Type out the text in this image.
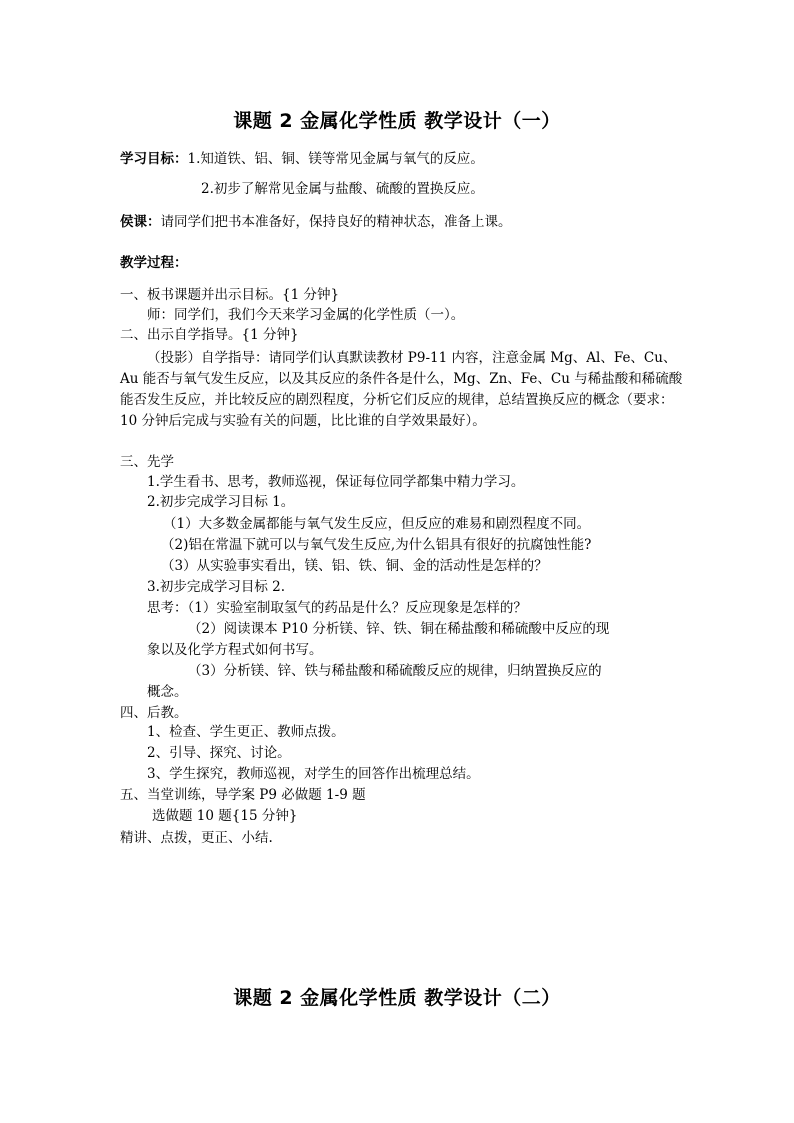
课题 2 金属化学性质 教学设计（一）
学习目标：1.知道铁、铝、铜、镁等常见金属与氧气的反应。
2.初步了解常见金属与盐酸、硫酸的置换反应。
侯课：请同学们把书本准备好，保持良好的精神状态，准备上课。
教学过程：
一、板书课题并出示目标。{1 分钟}
师：同学们，我们今天来学习金属的化学性质（一）。
二、出示自学指导。{1 分钟}
（投影）自学指导：请同学们认真默读教材 P9-11 内容，注意金属 Mg、Al、Fe、Cu、Au 能否与氧气发生反应，以及其反应的条件各是什么，Mg、Zn、Fe、Cu 与稀盐酸和稀硫酸能否发生反应，并比较反应的剧烈程度，分析它们反应的规律，总结置换反应的概念（要求：10 分钟后完成与实验有关的问题，比比谁的自学效果最好）。
三、先学
1.学生看书、思考，教师巡视，保证每位同学都集中精力学习。
2.初步完成学习目标 1。
（1）大多数金属都能与氧气发生反应，但反应的难易和剧烈程度不同。
（2)铝在常温下就可以与氧气发生反应,为什么铝具有很好的抗腐蚀性能?
（3）从实验事实看出，镁、铝、铁、铜、金的活动性是怎样的？
3.初步完成学习目标 2.
思考：（1）实验室制取氢气的药品是什么？反应现象是怎样的？
（2）阅读课本 P10 分析镁、锌、铁、铜在稀盐酸和稀硫酸中反应的现
象以及化学方程式如何书写。
（3）分析镁、锌、铁与稀盐酸和稀硫酸反应的规律，归纳置换反应的
概念。
四、后教。
1、检查、学生更正、教师点拨。
2、引导、探究、讨论。
3、学生探究，教师巡视，对学生的回答作出梳理总结。
五、当堂训练，导学案 P9 必做题 1-9 题
选做题 10 题{15 分钟}
精讲、点拨，更正、小结.
课题 2 金属化学性质 教学设计（二）
